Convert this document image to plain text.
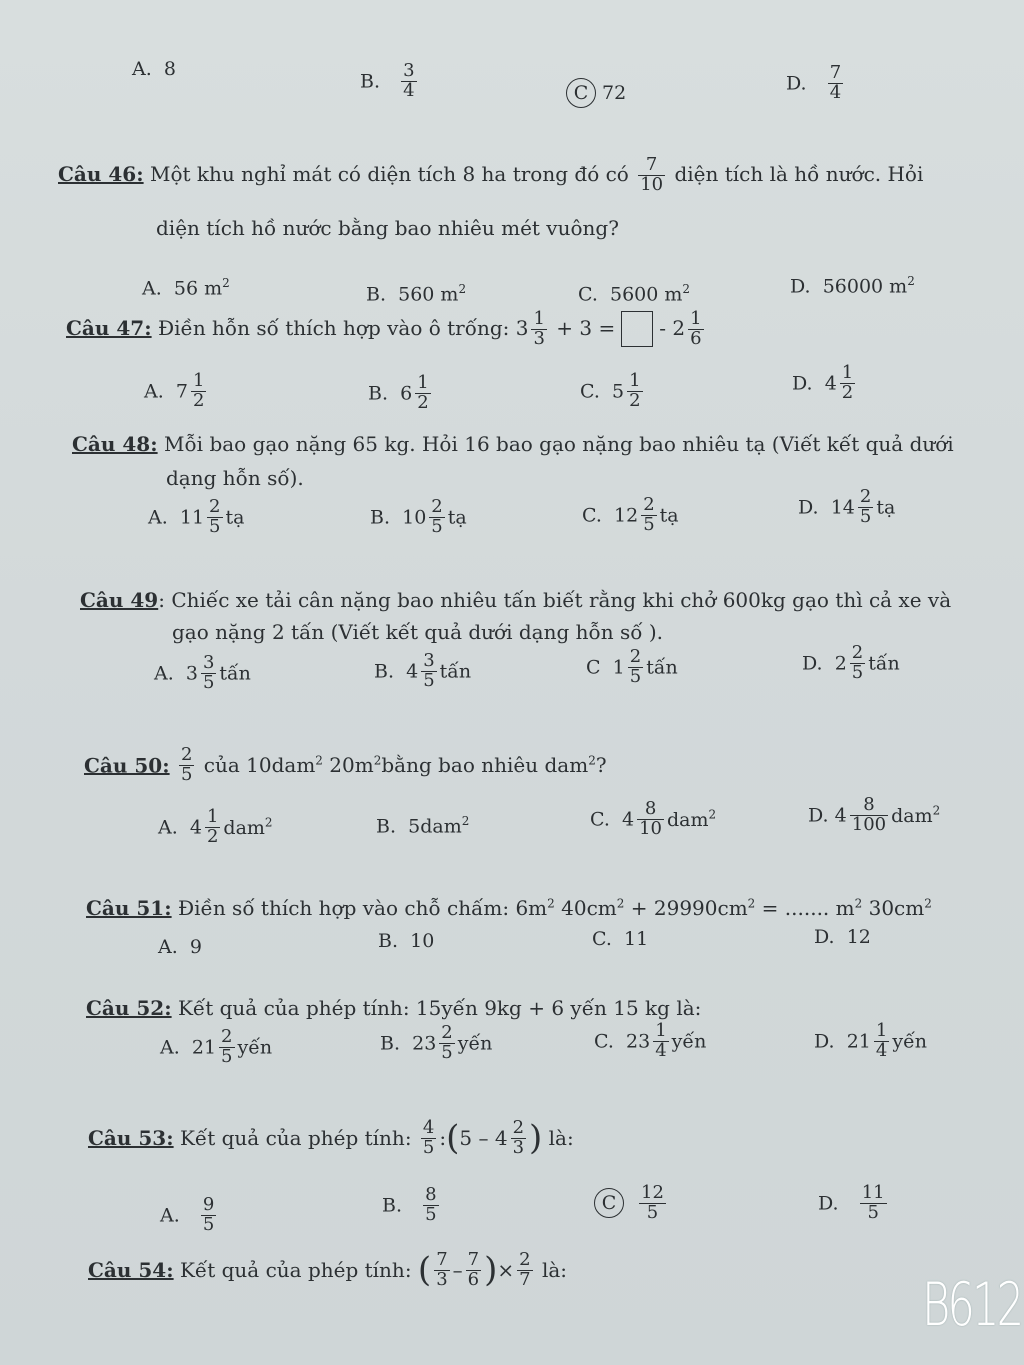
A. 8
B. $\frac{3}{4}$	C 72	D. $\frac{7}{4}$
Câu 46: Một khu nghỉ mát có diện tích 8 ha trong đó có $\frac{7}{10}$ diện tích là hồ nước. Hỏi
diện tích hồ nước bằng bao nhiêu mét vuông?
A. 56 $m^2$
B. 560 $m^2$	C. 5600 $m^2$	D. 56000 $m^2$
Câu 47: Điền hỗn số thích hợp vào ô trống: $3 \frac{1}{3} + 3$ = - $2 \frac{1}{6}$
A. $7 \frac{1}{2}$	B. $6 \frac{1}{2}$	C. $5 \frac{1}{2}$	D. $4 \frac{1}{2}$
Câu 48: Mỗi bao gạo nặng 65 kg. Hỏi 16 bao gạo nặng bao nhiêu tạ (Viết kết quả dưới
dạng hỗn số).
A. $11 \frac{2}{5}$ tạ	B. $10 \frac{2}{5}$ tạ	C. $12 \frac{2}{5}$ tạ	D. $14 \frac{2}{5}$ tạ
Câu 49: Chiếc xe tải cân nặng bao nhiêu tấn biết rằng khi chở 600kg gạo thì cả xe và
gạo nặng 2 tấn (Viết kết quả dưới dạng hỗn số ).
A. $3 \frac{3}{5}$ tấn	B. $4 \frac{3}{5}$ tấn	C $1 \frac{2}{5}$ tấn	D. $2 \frac{2}{5}$ tấn
Câu 50: $\frac{2}{5}$ của 10dam$^2$ $20m^2bằng$ bao nhiêu dam$^2$?
A. $4 \frac{1}{2} dam^2$	B. 5dam$^2$	C. $4 \frac{8}{10} dam^2$	D. $4 \frac{8}{100} dam^2$
Câu 51: Điền số thích hợp vào chỗ chấm: $6m^2$ $40cm^2 + 29990cm^2$ = ....... $m^2$ $30cm^2$
A. 9	B. 10	C. 11	D. 12
Câu 52: Kết quả của phép tính: 15yến 9kg + 6 yến 15 kg là:
A. $21 \frac{2}{5}$ yến	B. $23 \frac{2}{5}$ yến	C. $23 \frac{1}{4}$ yến	D. $21 \frac{1}{4}$ yến
Câu 53: Kết quả của phép tính: $\frac{4}{5}$ :(5 – $4 \frac{2}{3}$ ) là:
A. $\frac{9}{5}$	B. $\frac{8}{5}$	C $\frac{12}{5}$	D. $\frac{11}{5}$
Câu 54: Kết quả của phép tính: ( $\frac{7}{3} - \frac{7}{6}$ )× $\frac{2}{7}$ là:	B612
